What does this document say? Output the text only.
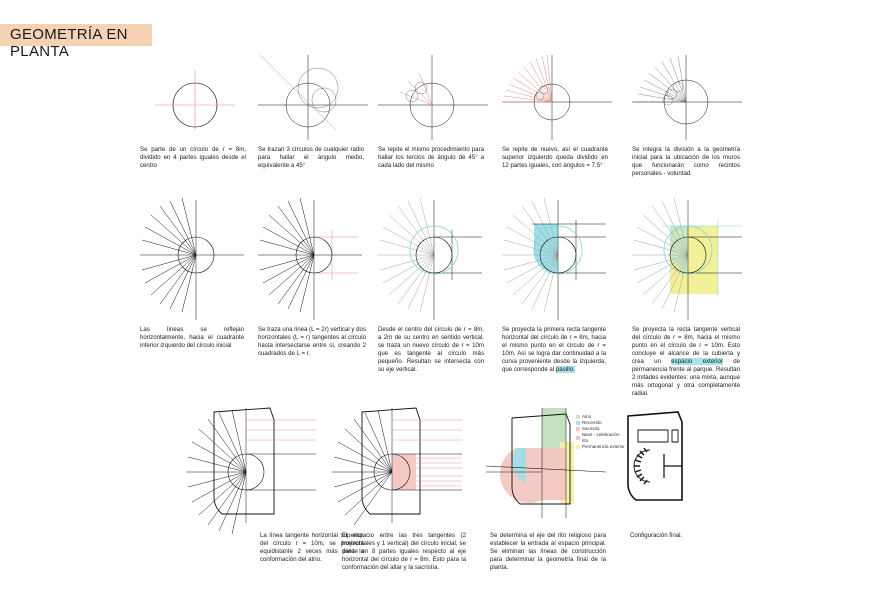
GEOMETRÍA EN PLANTA
Se parte de un círculo de r = 8m, dividido en 4 partes iguales desde el centro
Se trazan 3 círculos de cualquier radio para hallar el ángulo medio, equivalente a 45°
Se repite el mismo procedimiento para hallar los tercios de ángulo de 45° a cada lado del mismo
Se repite de nuevo, así el cuadrante superior izquierdo queda dividido en 12 partes iguales, con ángulos = 7.5°
Se integra la división a la geometría inicial para la ubicación de los muros que funcionarán como recintos personales - voluntad.
Las líneas se reflejan horizontalmente, hacia el cuadrante inferior izquierdo del círculo inicial
Se traza una línea (L = 2r) vertical y dos horizontales (L = r) tangentes al círculo hasta intersectarse entre sí, creando 2 cuadrados de L = r.
Desde el centro del círculo de r = 8m, a 2m de su centro en sentido vertical, se traza un nuevo círculo de r = 10m que es tangente al círculo más pequeño. Resultan se intersecta con su eje vertical.
Se proyecta la primera recta tangente horizontal del círculo de r = 8m, hacia el mismo punto en el círculo de r = 10m. Así se logra dar continuidad a la curva proveniente desde la izquierda, que corresponde al pasillo.
Se proyecta la recta tangente vertical del círculo de r = 8m, hacia el mismo punto en el círculo de r = 10m. Esto concluye el alcance de la cubierta y crea un espacio exterior de permanencia frente al parque. Resultan 2 mitades evidentes: una mixta, aunque más ortogonal y otra completamente radial.
La línea tangente horizontal superior, del círculo r = 10m, se proyecta equidistante 2 veces más para la conformación del atrio.
El espacio entre las tres tangentes (2 horizontales y 1 vertical) del círculo inicial, se divide en 8 partes iguales respecto al eje horizontal del círculo de r = 8m. Esto para la conformación del altar y la sacristía.
Atrio
Recorrido
Sacristía
Nave - celebración rito
Permanencia exterior
Se determina el eje del rito religioso para establecer la entrada al espacio principal. Se eliminan las líneas de construcción para determinar la geometría final de la planta.
Configuración final.
